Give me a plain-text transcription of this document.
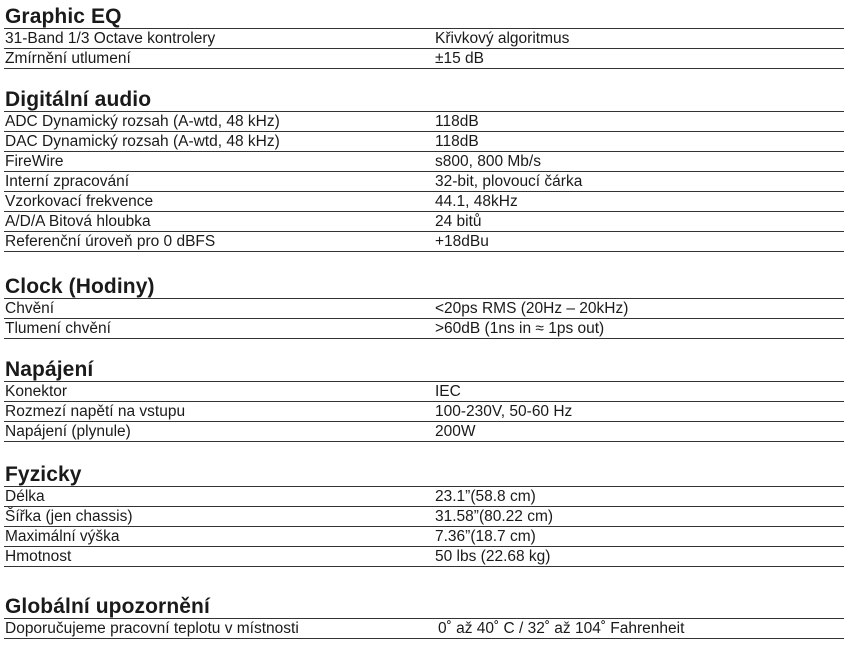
Graphic EQ
31-Band 1/3 Octave kontrolery	Křivkový algoritmus
Zmírnění utlumení	±15 dB
Digitální audio
ADC Dynamický rozsah (A-wtd, 48 kHz)	118dB
DAC Dynamický rozsah (A-wtd, 48 kHz)	118dB
FireWire	s800, 800 Mb/s
Interní zpracování	32-bit, plovoucí čárka
Vzorkovací frekvence	44.1, 48kHz
A/D/A Bitová hloubka	24 bitů
Referenční úroveň pro 0 dBFS	+18dBu
Clock (Hodiny)
Chvění	<20ps RMS (20Hz – 20kHz)
Tlumení chvění	>60dB (1ns in ≈ 1ps out)
Napájení
Konektor	IEC
Rozmezí napětí na vstupu	100-230V, 50-60 Hz
Napájení (plynule)	200W
Fyzicky
Délka	23.1”(58.8 cm)
Šířka (jen chassis)	31.58”(80.22 cm)
Maximální výška	7.36”(18.7 cm)
Hmotnost	50 lbs (22.68 kg)
Globální upozornění
Doporučujeme pracovní teplotu v místnosti	0˚ až 40˚ C / 32˚ až 104˚ Fahrenheit
